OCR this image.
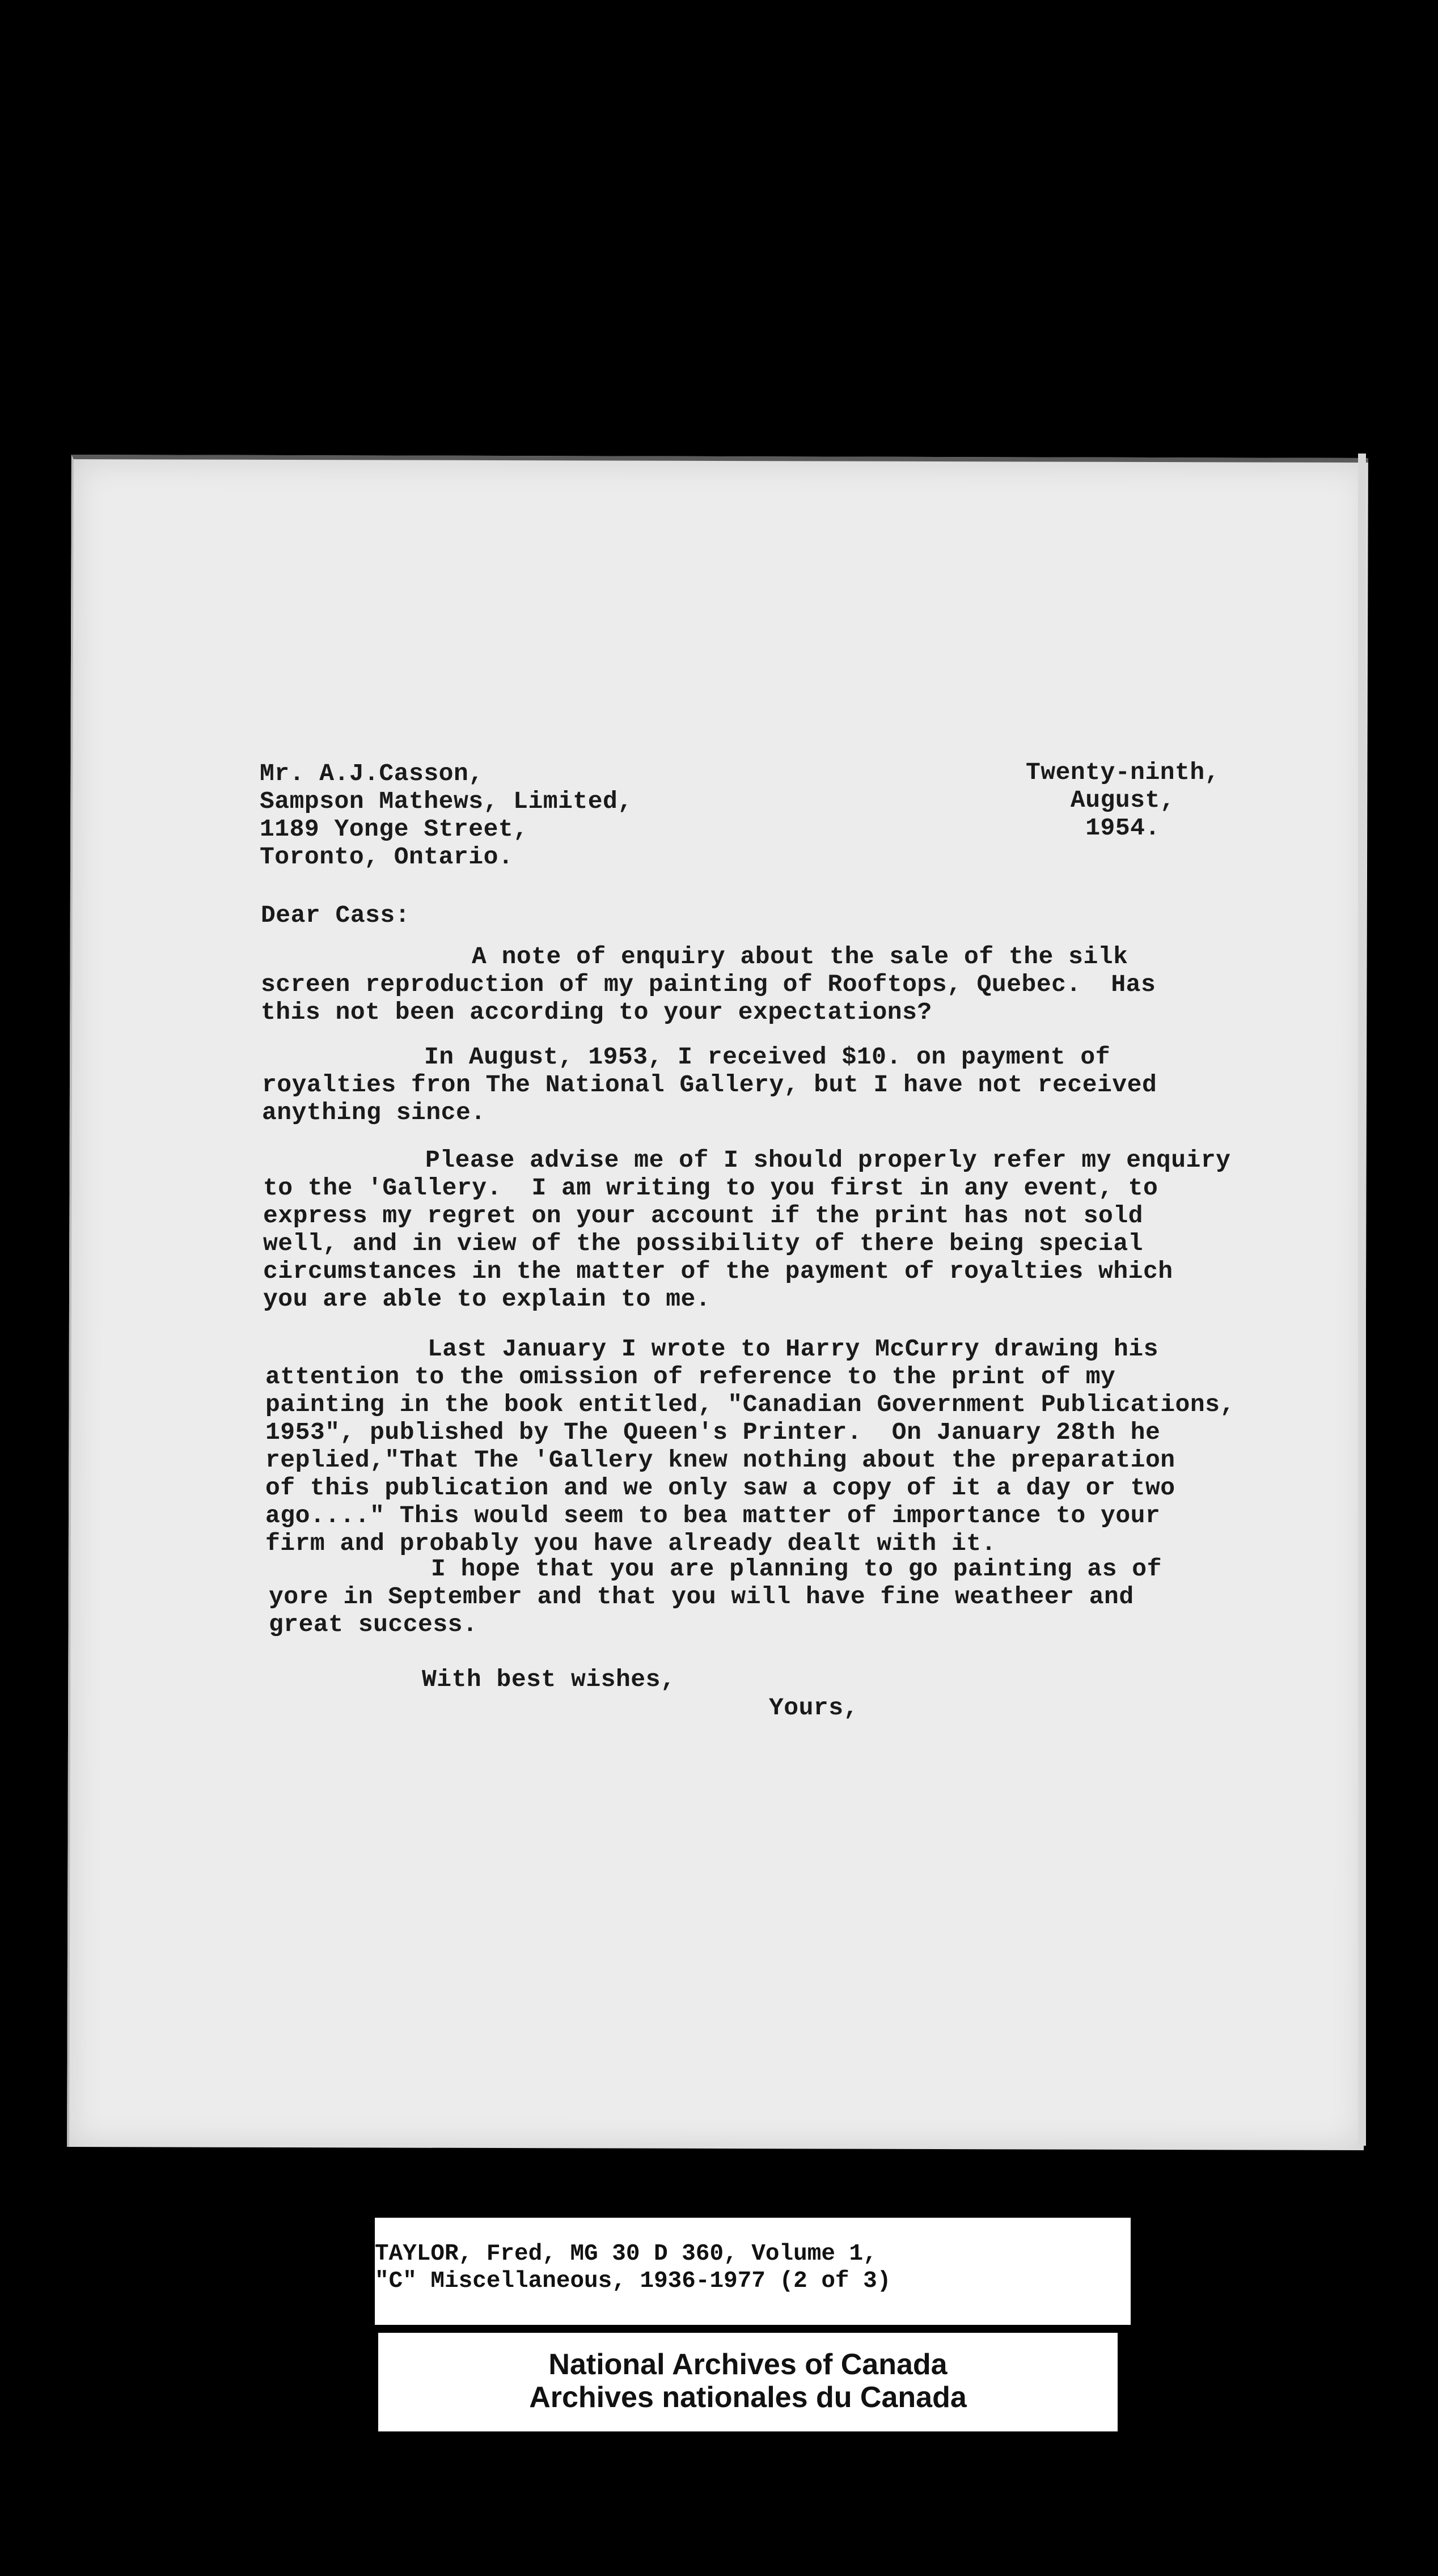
Mr. A.J.Casson,
Sampson Mathews, Limited,
1189 Yonge Street,
Toronto, Ontario.
Twenty-ninth,
August,
1954.
Dear Cass:
A note of enquiry about the sale of the silk
screen reproduction of my painting of Rooftops, Quebec.  Has
this not been according to your expectations?
In August, 1953, I received $10. on payment of
royalties fron The National Gallery, but I have not received
anything since.
Please advise me of I should properly refer my enquiry
to the 'Gallery.  I am writing to you first in any event, to
express my regret on your account if the print has not sold
well, and in view of the possibility of there being special
circumstances in the matter of the payment of royalties which
you are able to explain to me.
Last January I wrote to Harry McCurry drawing his
attention to the omission of reference to the print of my
painting in the book entitled, "Canadian Government Publications,
1953", published by The Queen's Printer.  On January 28th he
replied,"That The 'Gallery knew nothing about the preparation
of this publication and we only saw a copy of it a day or two
ago...." This would seem to bea matter of importance to your
firm and probably you have already dealt with it.
I hope that you are planning to go painting as of
yore in September and that you will have fine weatheer and
great success.
With best wishes,
Yours,
TAYLOR, Fred, MG 30 D 360, Volume 1,
"C" Miscellaneous, 1936-1977 (2 of 3)
National Archives of Canada
Archives nationales du Canada
